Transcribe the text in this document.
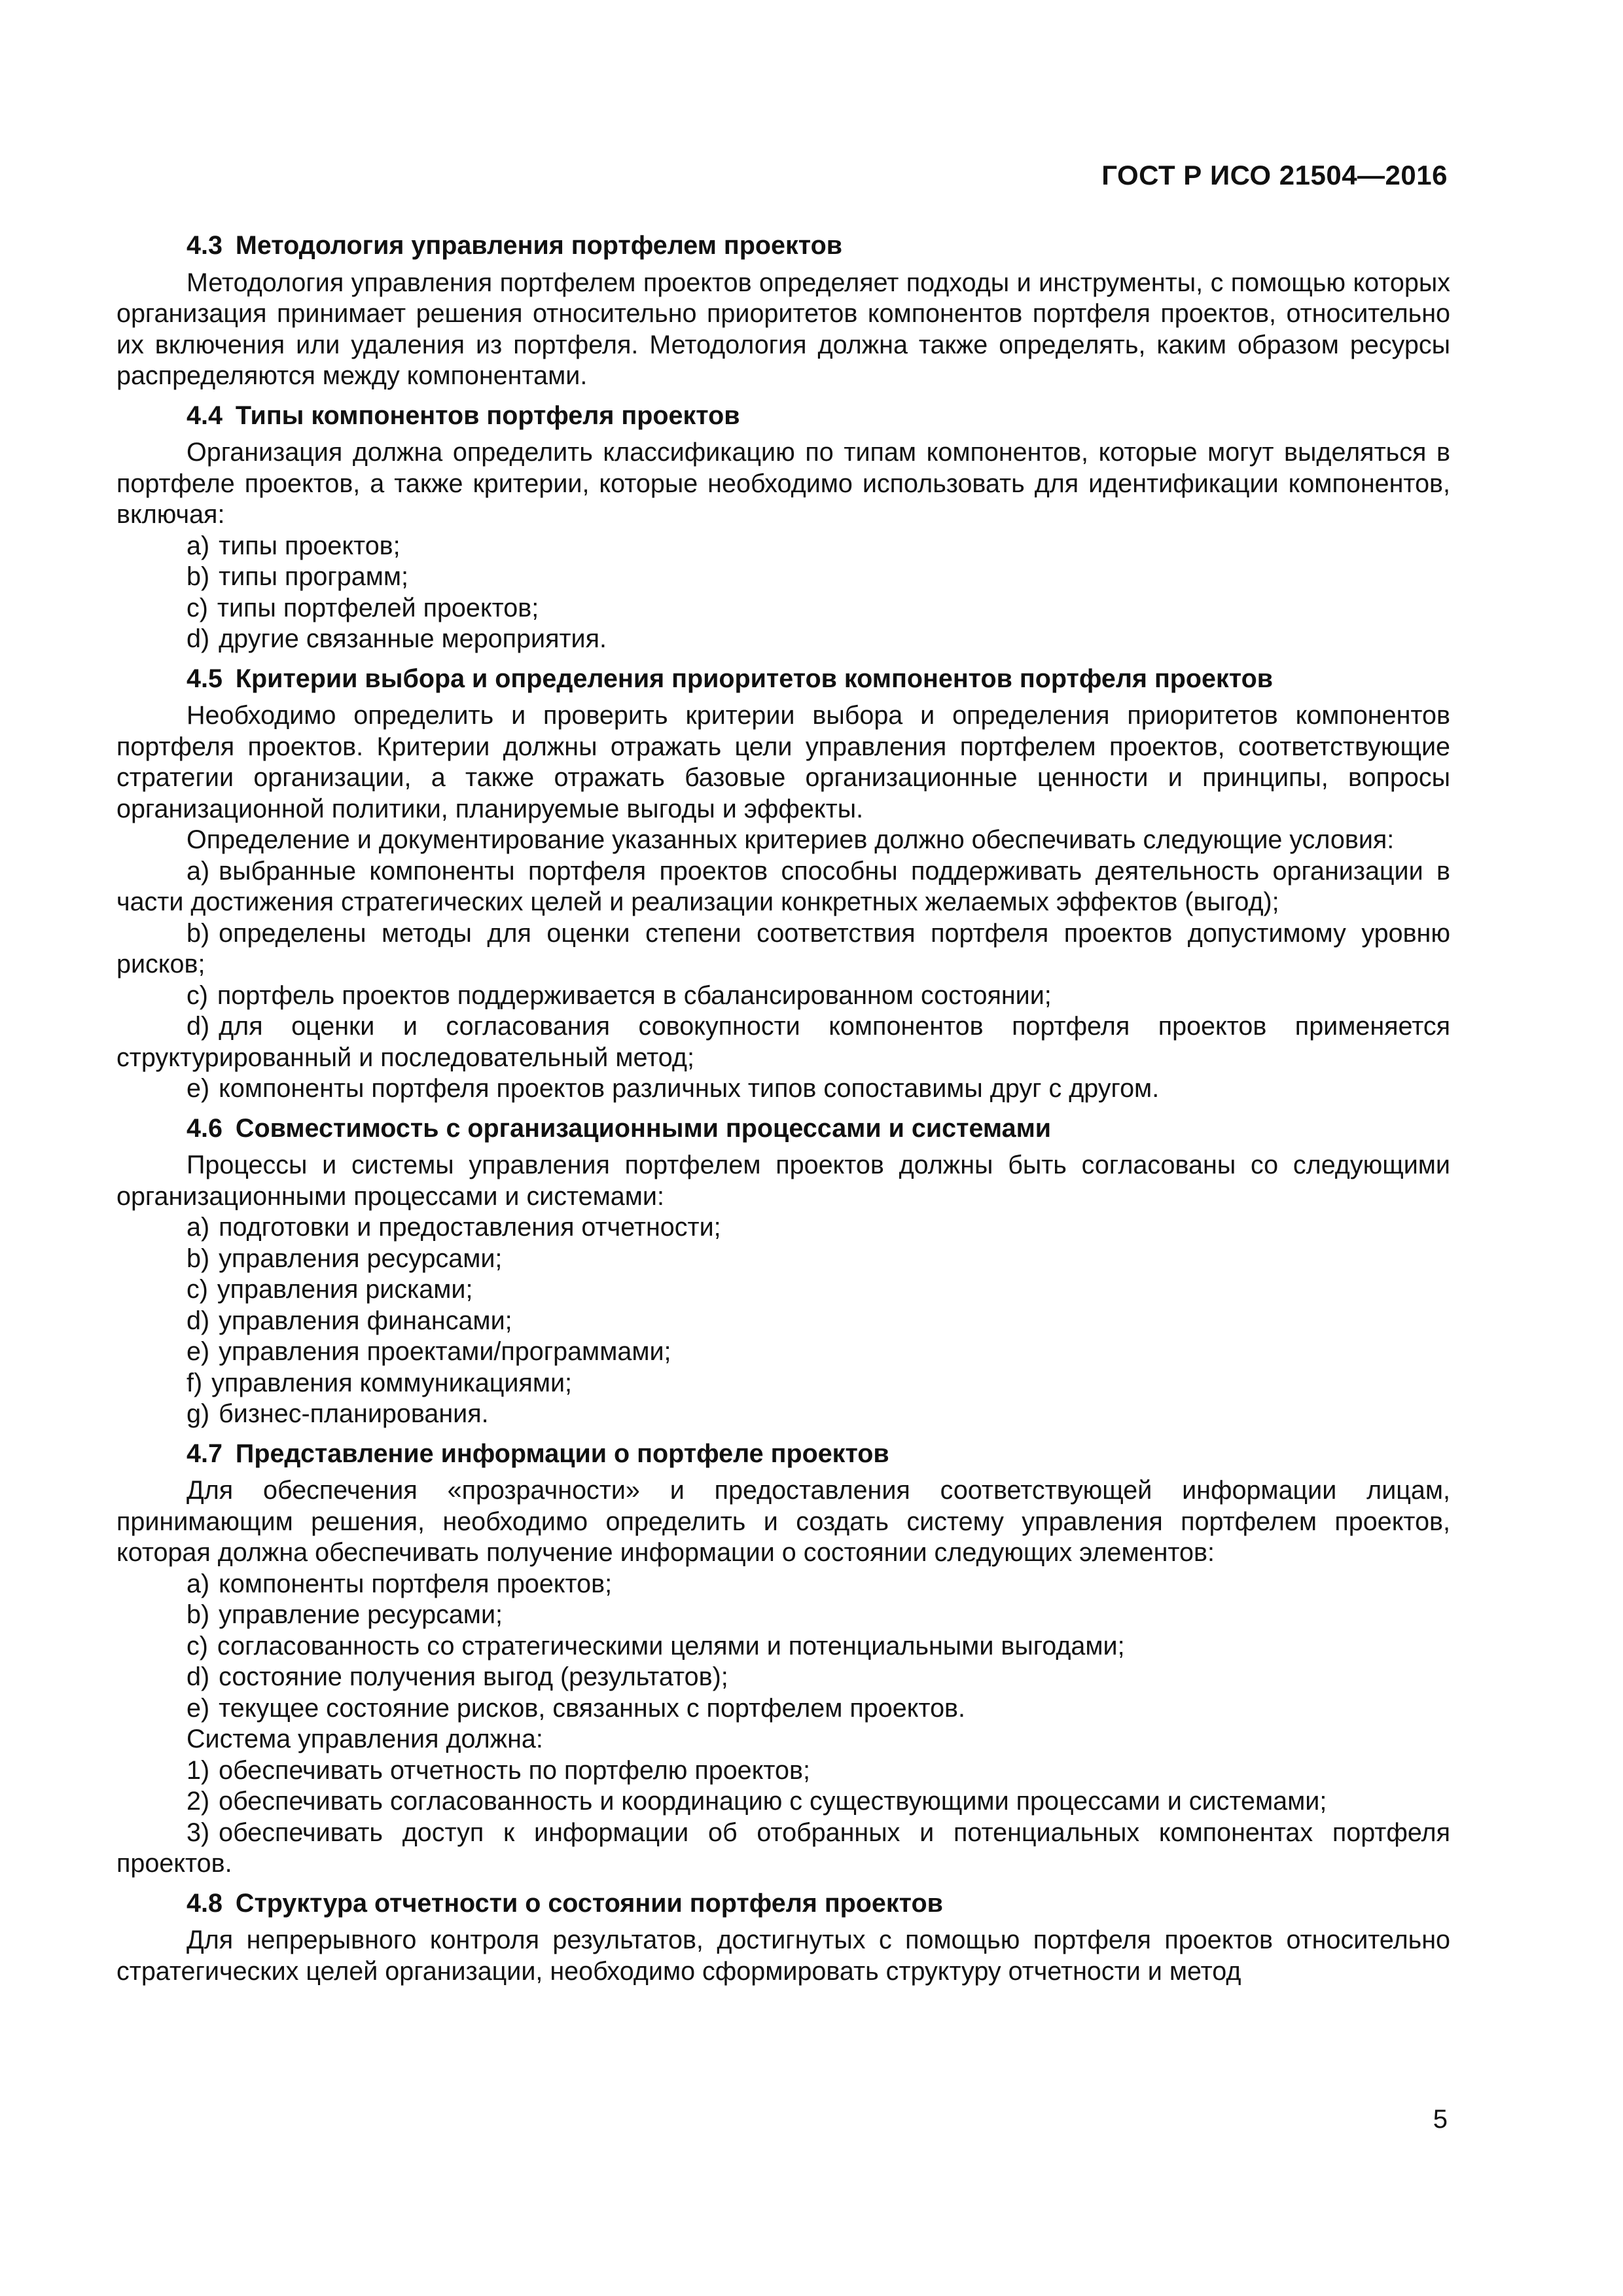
ГОСТ Р ИСО 21504—2016
4.3 Методология управления портфелем проектов

Методология управления портфелем проектов определяет подходы и инструменты, с помощью которых организация принимает решения относительно приоритетов компонентов портфеля проектов, относительно их включения или удаления из портфеля. Методология должна также определять, каким образом ресурсы распределяются между компонентами.

4.4 Типы компонентов портфеля проектов

Организация должна определить классификацию по типам компонентов, которые могут выделяться в портфеле проектов, а также критерии, которые необходимо использовать для идентификации компонентов, включая:

a) типы проектов;
b) типы программ;
c) типы портфелей проектов;
d) другие связанные мероприятия.
4.5 Критерии выбора и определения приоритетов компонентов портфеля проектов

Необходимо определить и проверить критерии выбора и определения приоритетов компонентов портфеля проектов. Критерии должны отражать цели управления портфелем проектов, соответствующие стратегии организации, а также отражать базовые организационные ценности и принципы, вопросы организационной политики, планируемые выгоды и эффекты.

Определение и документирование указанных критериев должно обеспечивать следующие условия:

a) выбранные компоненты портфеля проектов способны поддерживать деятельность организации в части достижения стратегических целей и реализации конкретных желаемых эффектов (выгод);

b) определены методы для оценки степени соответствия портфеля проектов допустимому уровню рисков;

c) портфель проектов поддерживается в сбалансированном состоянии;

d) для оценки и согласования совокупности компонентов портфеля проектов применяется структурированный и последовательный метод;

e) компоненты портфеля проектов различных типов сопоставимы друг с другом.

4.6 Совместимость с организационными процессами и системами

Процессы и системы управления портфелем проектов должны быть согласованы со следующими организационными процессами и системами:

a) подготовки и предоставления отчетности;
b) управления ресурсами;
c) управления рисками;
d) управления финансами;
e) управления проектами/программами;
f) управления коммуникациями;
g) бизнес-планирования.
4.7 Представление информации о портфеле проектов

Для обеспечения «прозрачности» и предоставления соответствующей информации лицам, принимающим решения, необходимо определить и создать систему управления портфелем проектов, которая должна обеспечивать получение информации о состоянии следующих элементов:

a) компоненты портфеля проектов;
b) управление ресурсами;
c) согласованность со стратегическими целями и потенциальными выгодами;
d) состояние получения выгод (результатов);
e) текущее состояние рисков, связанных с портфелем проектов.

Система управления должна:

1) обеспечивать отчетность по портфелю проектов;

2) обеспечивать согласованность и координацию с существующими процессами и системами;

3) обеспечивать доступ к информации об отобранных и потенциальных компонентах портфеля проектов.

4.8 Структура отчетности о состоянии портфеля проектов

Для непрерывного контроля результатов, достигнутых с помощью портфеля проектов относительно стратегических целей организации, необходимо сформировать структуру отчетности и метод

5
